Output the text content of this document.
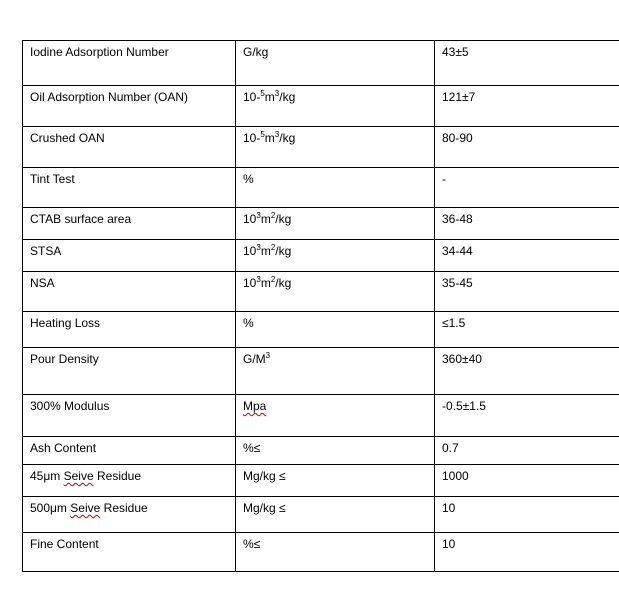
Iodine Adsorption Number	G/kg	43±5
Oil Adsorption Number (OAN)	$10-^5m^3/kg$	121±7
Crushed OAN	$10-^5m^3/kg$	80-90
Tint Test	%	-
CTAB surface area	$10^3m^2/kg$	36-48
STSA	$10^3m^2/kg$	34-44
NSA	$10^3m^2/kg$	35-45
Heating Loss	%	≤1.5
Pour Density	$G/M^3$	360±40
300% Modulus	Mpa	-0.5±1.5
Ash Content	%≤	0.7
45μm Seive Residue	Mg/kg ≤	1000
500μm Seive Residue	Mg/kg ≤	10
Fine Content	%≤	10
